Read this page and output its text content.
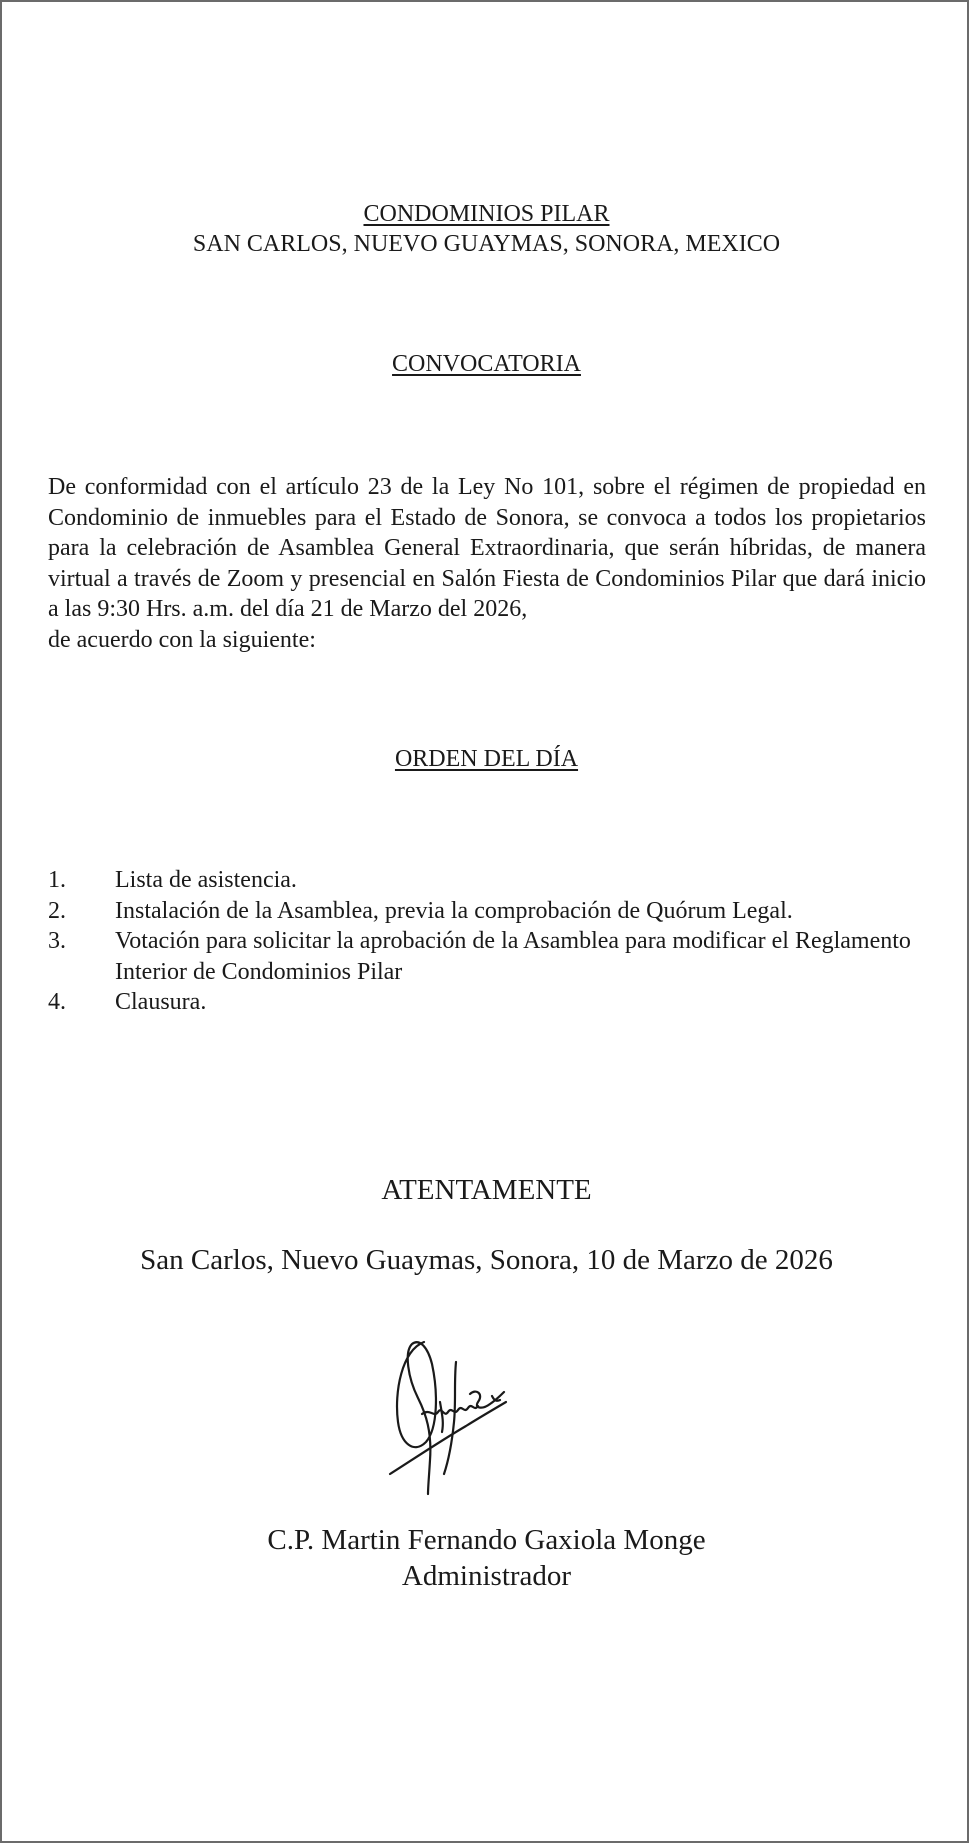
CONDOMINIOS PILAR
SAN CARLOS, NUEVO GUAYMAS, SONORA, MEXICO
CONVOCATORIA
De conformidad con el artículo 23 de la Ley No 101, sobre el régimen de propiedad en Condominio de inmuebles para el Estado de Sonora, se convoca a todos los propietarios para la celebración de Asamblea General Extraordinaria, que serán híbridas, de manera virtual a través de Zoom y presencial en Salón Fiesta de Condominios Pilar que dará inicio a las 9:30 Hrs. a.m. del día 21 de Marzo del 2026,
de acuerdo con la siguiente:
ORDEN DEL DÍA
1. Lista de asistencia.
2. Instalación de la Asamblea, previa la comprobación de Quórum Legal.
3. Votación para solicitar la aprobación de la Asamblea para modificar el Reglamento Interior de Condominios Pilar
4. Clausura.
ATENTAMENTE
San Carlos, Nuevo Guaymas, Sonora, 10 de Marzo de 2026
C.P. Martin Fernando Gaxiola Monge
Administrador
